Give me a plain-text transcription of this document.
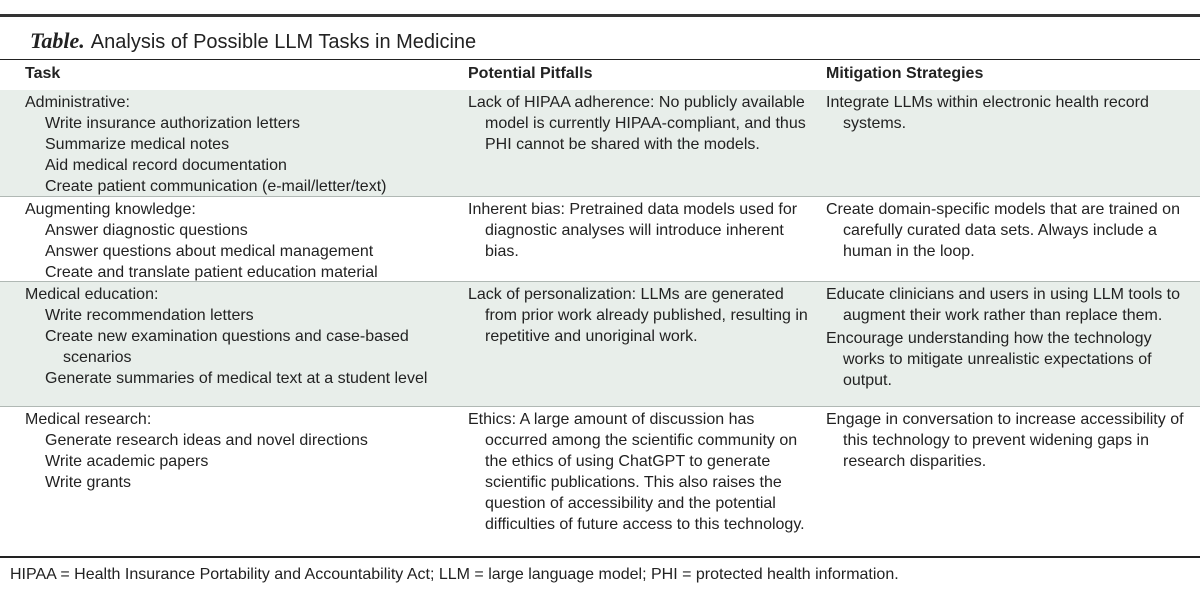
Table. Analysis of Possible LLM Tasks in Medicine
Task	Potential Pitfalls	Mitigation Strategies

Administrative:

Write insurance authorization letters

Summarize medical notes

Aid medical record documentation

Create patient communication (e-mail/letter/text)

Lack of HIPAA adherence: No publicly available model is currently HIPAA-compliant, and thus PHI cannot be shared with the models.

Integrate LLMs within electronic health record systems.

Augmenting knowledge:

Answer diagnostic questions

Answer questions about medical management

Create and translate patient education material

Inherent bias: Pretrained data models used for diagnostic analyses will introduce inherent bias.

Create domain-specific models that are trained on carefully curated data sets. Always include a human in the loop.

Medical education:

Write recommendation letters

Create new examination questions and case-based scenarios

Generate summaries of medical text at a student level

Lack of personalization: LLMs are generated from prior work already published, resulting in repetitive and unoriginal work.

Educate clinicians and users in using LLM tools to augment their work rather than replace them.

Encourage understanding how the technology works to mitigate unrealistic expectations of output.

Medical research:

Generate research ideas and novel directions

Write academic papers

Write grants

Ethics: A large amount of discussion has occurred among the scientific community on the ethics of using ChatGPT to generate scientific publications. This also raises the question of accessibility and the potential difficulties of future access to this technology.

Engage in conversation to increase accessibility of this technology to prevent widening gaps in research disparities.

HIPAA = Health Insurance Portability and Accountability Act; LLM = large language model; PHI = protected health information.
